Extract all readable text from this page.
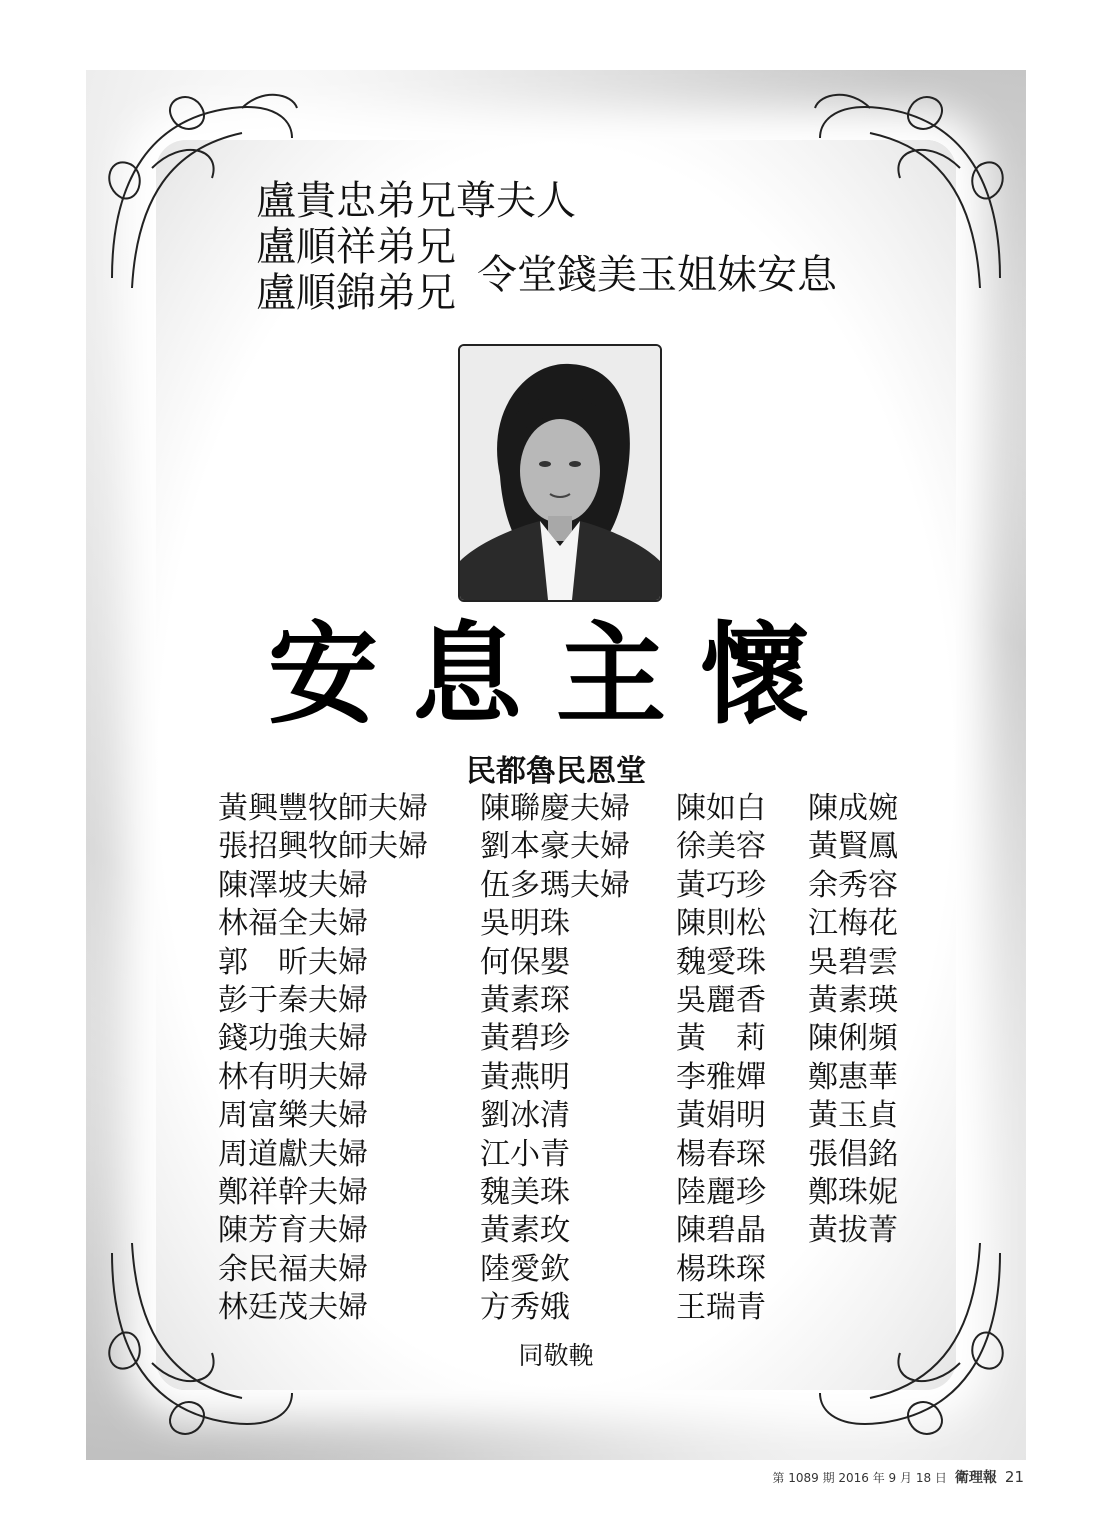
盧貴忠弟兄尊夫人
盧順祥弟兄
盧順錦弟兄 令堂錢美玉姐妹安息
安息主懷
民都魯民恩堂
黃興豐牧師夫婦
張招興牧師夫婦
陳澤坡夫婦
林福全夫婦
郭　昕夫婦
彭于秦夫婦
錢功強夫婦
林有明夫婦
周富樂夫婦
周道獻夫婦
鄭祥幹夫婦
陳芳育夫婦
余民福夫婦
林廷茂夫婦
陳聯慶夫婦
劉本豪夫婦
伍多瑪夫婦
吳明珠
何保嬰
黃素琛
黃碧珍
黃燕明
劉冰清
江小青
魏美珠
黃素玫
陸愛欽
方秀娥
陳如白
徐美容
黃巧珍
陳則松
魏愛珠
吳麗香
黃　莉
李雅嬋
黃娟明
楊春琛
陸麗珍
陳碧晶
楊珠琛
王瑞青
陳成婉
黃賢鳳
余秀容
江梅花
吳碧雲
黃素瑛
陳俐頻
鄭惠華
黃玉貞
張倡銘
鄭珠妮
黃拔菁
同敬輓
第 1089 期 2016 年 9 月 18 日 衛理報 21
